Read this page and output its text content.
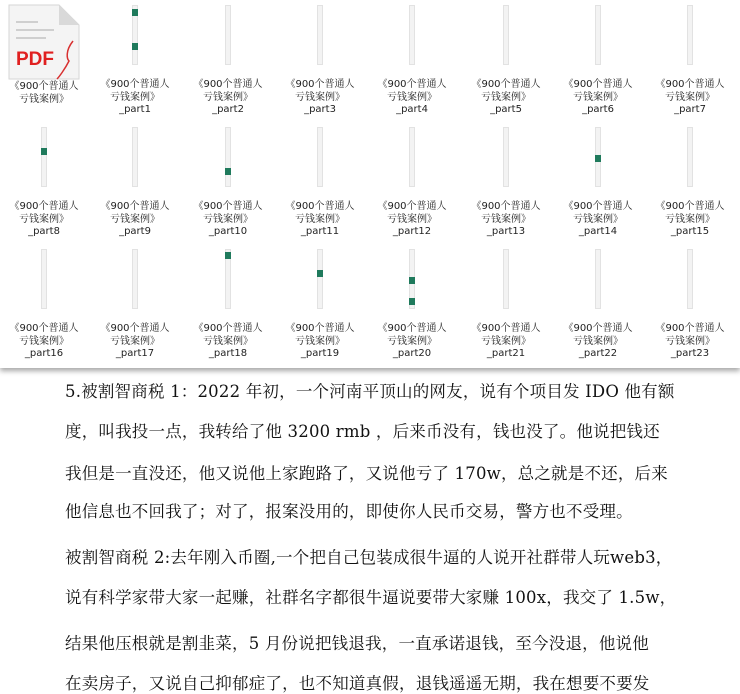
PDF
《900个普通人
亏钱案例》
《900个普通人
亏钱案例》
_part1
《900个普通人
亏钱案例》
_part2
《900个普通人
亏钱案例》
_part3
《900个普通人
亏钱案例》
_part4
《900个普通人
亏钱案例》
_part5
《900个普通人
亏钱案例》
_part6
《900个普通人
亏钱案例》
_part7
《900个普通人
亏钱案例》
_part8
《900个普通人
亏钱案例》
_part9
《900个普通人
亏钱案例》
_part10
《900个普通人
亏钱案例》
_part11
《900个普通人
亏钱案例》
_part12
《900个普通人
亏钱案例》
_part13
《900个普通人
亏钱案例》
_part14
《900个普通人
亏钱案例》
_part15
《900个普通人
亏钱案例》
_part16
《900个普通人
亏钱案例》
_part17
《900个普通人
亏钱案例》
_part18
《900个普通人
亏钱案例》
_part19
《900个普通人
亏钱案例》
_part20
《900个普通人
亏钱案例》
_part21
《900个普通人
亏钱案例》
_part22
《900个普通人
亏钱案例》
_part23
5.被割智商税 1：2022 年初，一个河南平顶山的网友，说有个项目发 IDO 他有额
度，叫我投一点，我转给了他 3200 rmb ，后来币没有，钱也没了。他说把钱还
我但是一直没还，他又说他上家跑路了，又说他亏了 170w，总之就是不还，后来
他信息也不回我了；对了，报案没用的，即使你人民币交易，警方也不受理。
被割智商税 2:去年刚入币圈,一个把自己包装成很牛逼的人说开社群带人玩web3，
说有科学家带大家一起赚，社群名字都很牛逼说要带大家赚 100x，我交了 1.5w，
结果他压根就是割韭菜，5 月份说把钱退我，一直承诺退钱，至今没退，他说他
在卖房子，又说自己抑郁症了，也不知道真假，退钱遥遥无期，我在想要不要发
